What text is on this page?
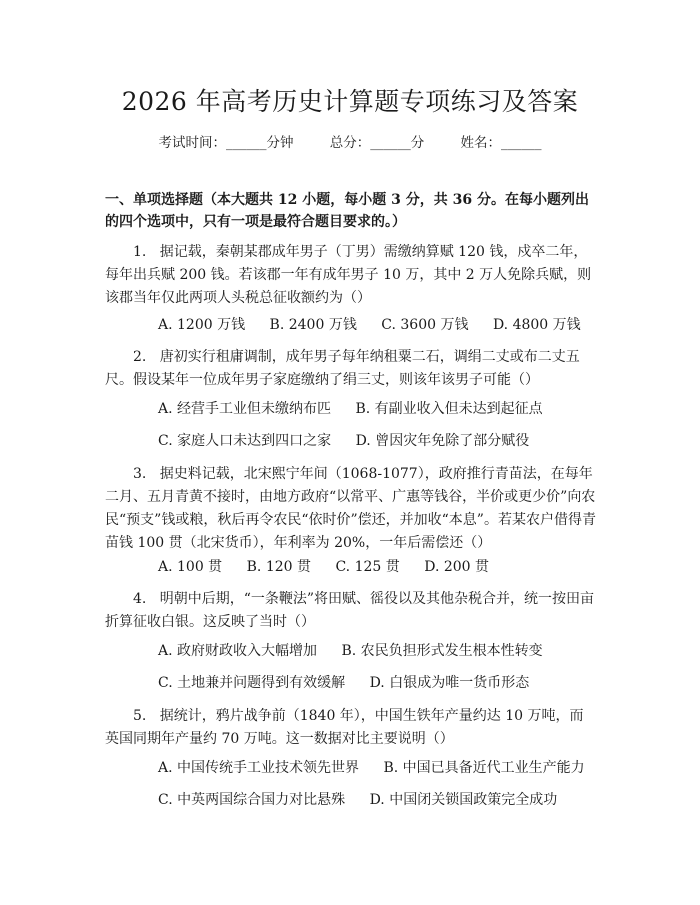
2026 年高考历史计算题专项练习及答案
考试时间：______分钟	总分：______分	姓名：______

一、单项选择题（本大题共 12 小题，每小题 3 分，共 36 分。在每小题列出的四个选项中，只有一项是最符合题目要求的。）

1. 据记载，秦朝某郡成年男子（丁男）需缴纳算赋 120 钱，戍卒二年，每年出兵赋 200 钱。若该郡一年有成年男子 10 万，其中 2 万人免除兵赋，则该郡当年仅此两项人头税总征收额约为（）

A. 1200 万钱 B. 2400 万钱 C. 3600 万钱 D. 4800 万钱

2. 唐初实行租庸调制，成年男子每年纳租粟二石，调绢二丈或布二丈五尺。假设某年一位成年男子家庭缴纳了绢三丈，则该年该男子可能（）

A. 经营手工业但未缴纳布匹 B. 有副业收入但未达到起征点
C. 家庭人口未达到四口之家 D. 曾因灾年免除了部分赋役

3. 据史料记载，北宋熙宁年间（1068-1077），政府推行青苗法，在每年二月、五月青黄不接时，由地方政府“以常平、广惠等钱谷，半价或更少价”向农民“预支”钱或粮，秋后再令农民“依时价”偿还，并加收“本息”。若某农户借得青苗钱 100 贯（北宋货币），年利率为 20%，一年后需偿还（）

A. 100 贯 B. 120 贯 C. 125 贯 D. 200 贯

4. 明朝中后期，“一条鞭法”将田赋、徭役以及其他杂税合并，统一按田亩折算征收白银。这反映了当时（）

A. 政府财政收入大幅增加 B. 农民负担形式发生根本性转变
C. 土地兼并问题得到有效缓解 D. 白银成为唯一货币形态

5. 据统计，鸦片战争前（1840 年），中国生铁年产量约达 10 万吨，而英国同期年产量约 70 万吨。这一数据对比主要说明（）

A. 中国传统手工业技术领先世界 B. 中国已具备近代工业生产能力
C. 中英两国综合国力对比悬殊 D. 中国闭关锁国政策完全成功
